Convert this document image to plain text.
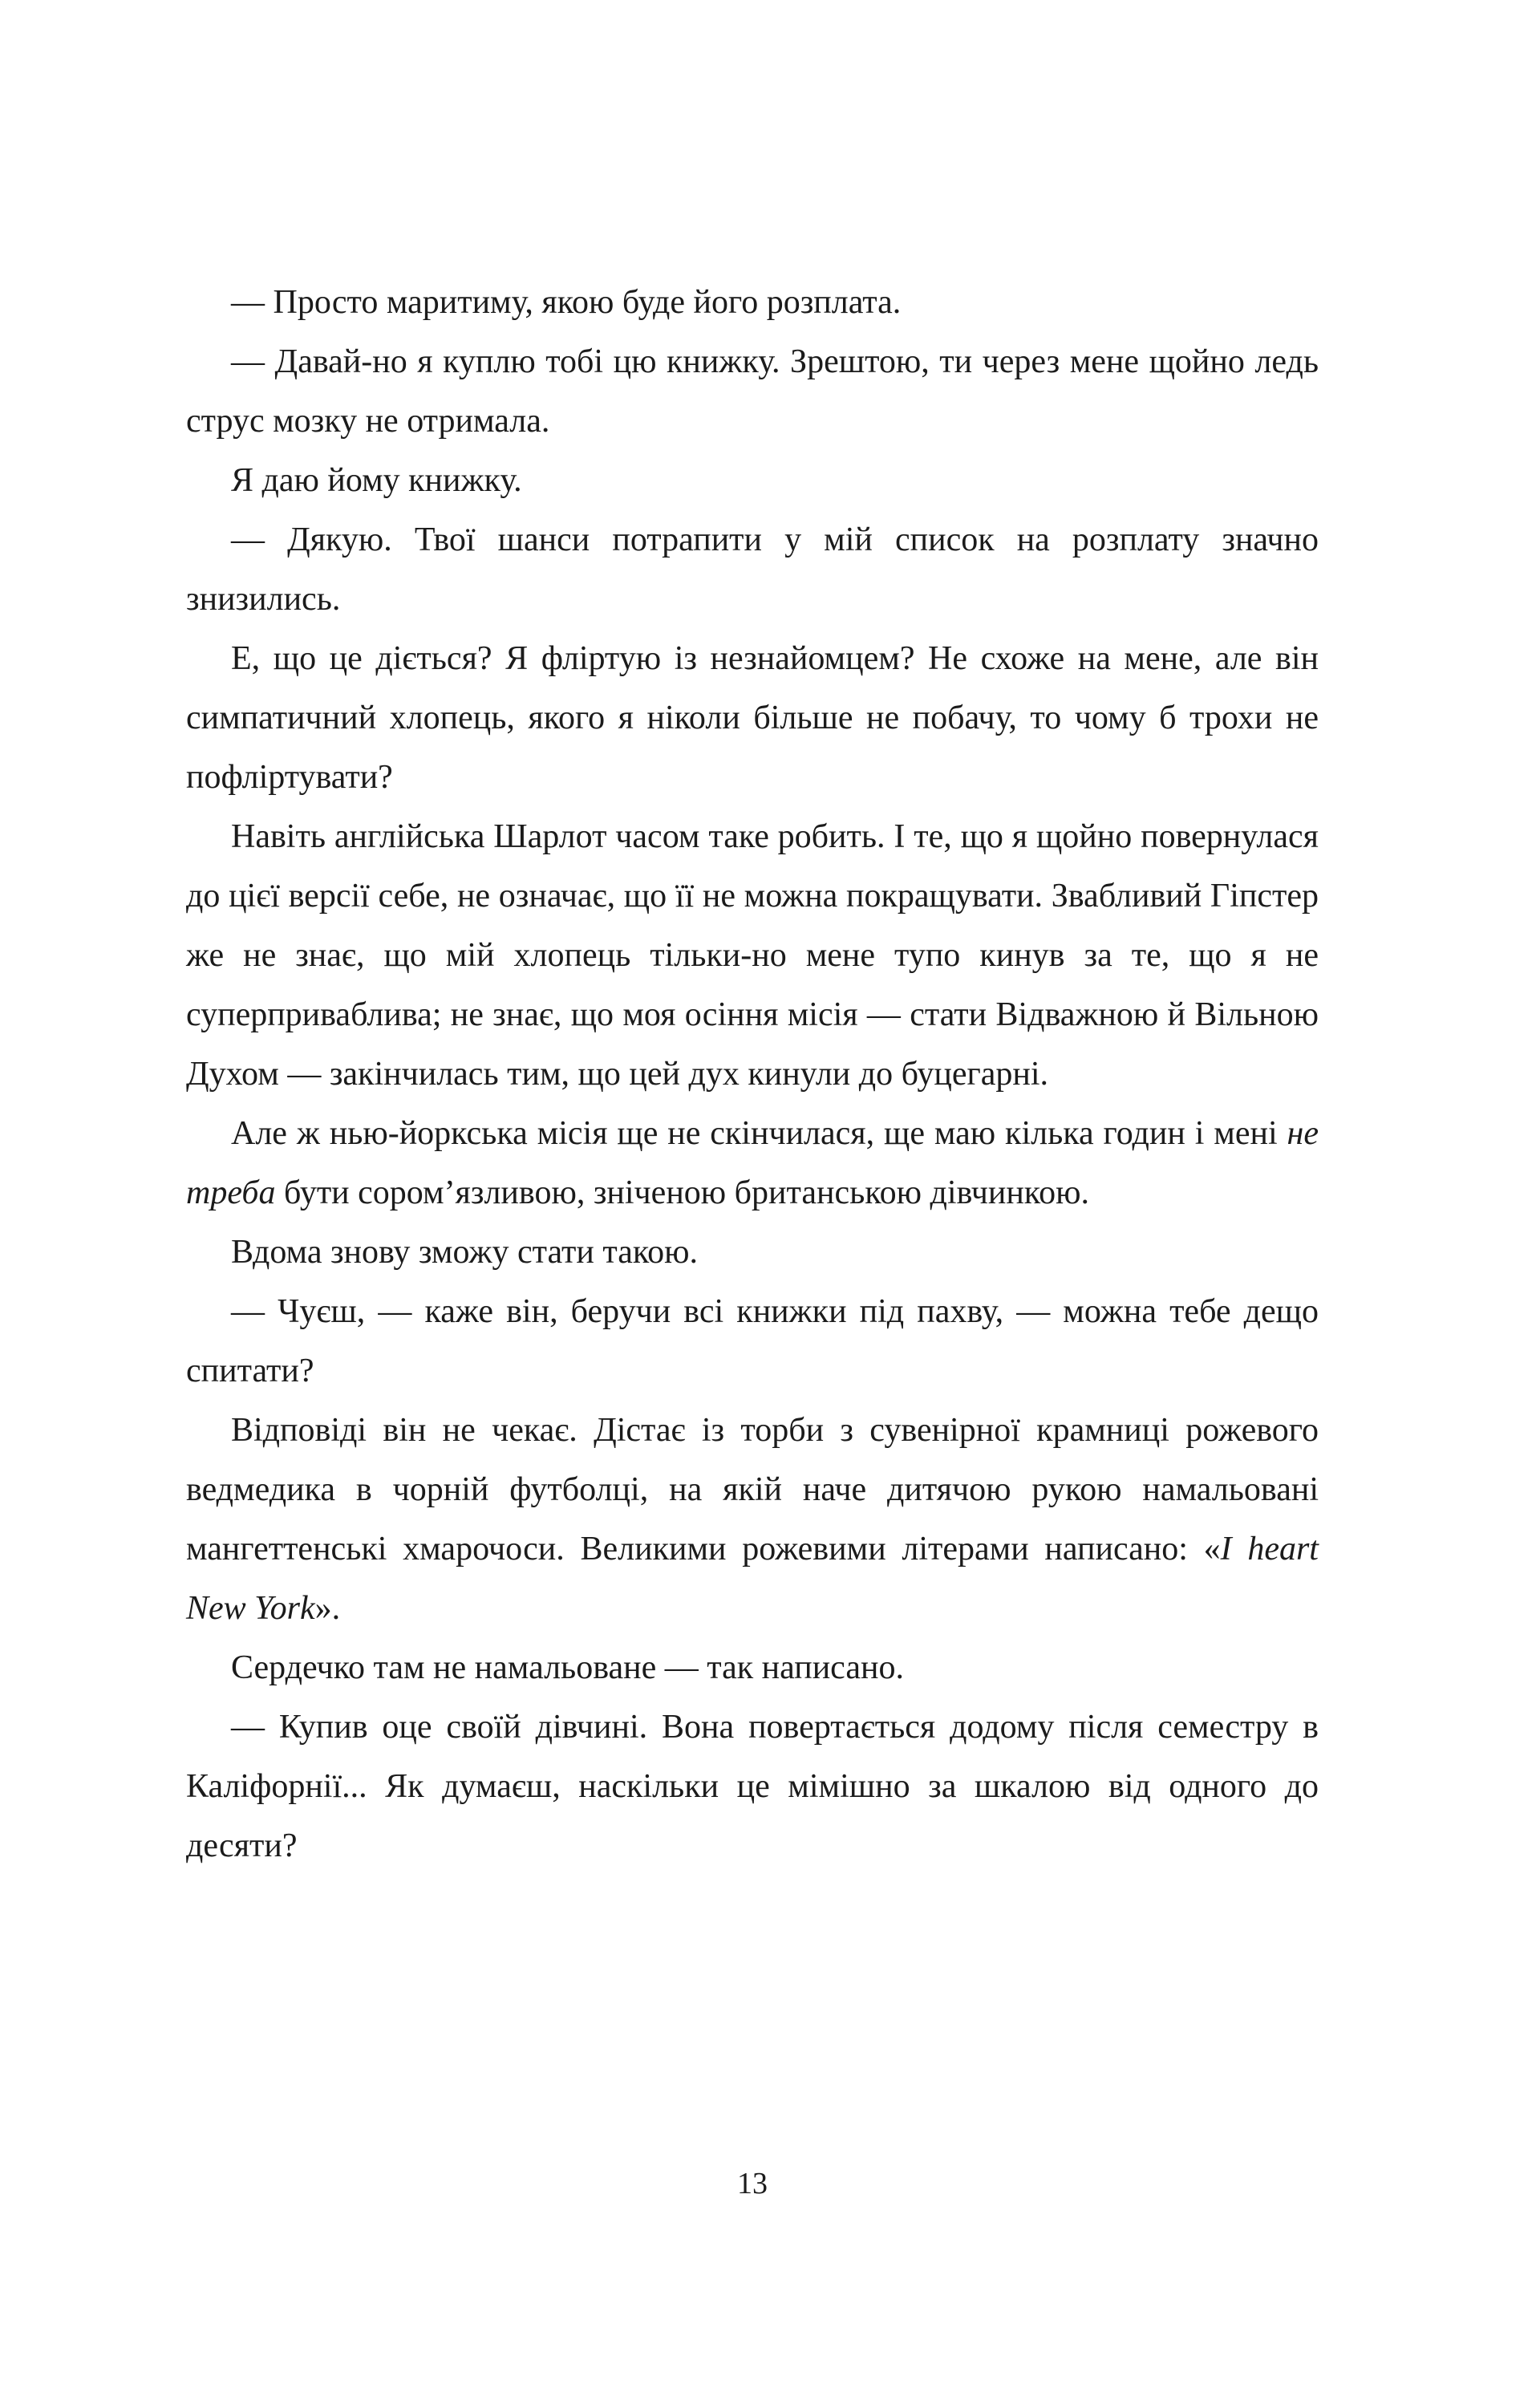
— Просто маритиму, якою буде його розплата.

— Давай-но я куплю тобі цю книжку. Зрештою, ти через мене щойно ледь струс мозку не отримала.

Я даю йому книжку.

— Дякую. Твої шанси потрапити у мій список на розплату значно знизились.

Е, що це діється? Я фліртую із незнайомцем? Не схоже на мене, але він симпатичний хлопець, якого я ніколи більше не побачу, то чому б трохи не пофліртувати?

Навіть англійська Шарлот часом таке робить. І те, що я щойно повернулася до цієї версії себе, не означає, що її не можна покращувати. Звабливий Гіпстер же не знає, що мій хлопець тільки-но мене тупо кинув за те, що я не суперприваблива; не знає, що моя осіння місія — стати Відважною й Вільною Духом — закінчилась тим, що цей дух кинули до буцегарні.

Але ж нью-йоркська місія ще не скінчилася, ще маю кілька годин і мені не треба бути сором’язливою, зніченою британською дівчинкою.

Вдома знову зможу стати такою.

— Чуєш, — каже він, беручи всі книжки під пахву, — можна тебе дещо спитати?

Відповіді він не чекає. Дістає із торби з сувенірної крамниці рожевого ведмедика в чорній футболці, на якій наче дитячою рукою намальовані мангеттенські хмарочоси. Великими рожевими літерами написано: «I heart New York».

Сердечко там не намальоване — так написано.

— Купив оце своїй дівчині. Вона повертається додому після семестру в Каліфорнії... Як думаєш, наскільки це мімішно за шкалою від одного до десяти?

13
